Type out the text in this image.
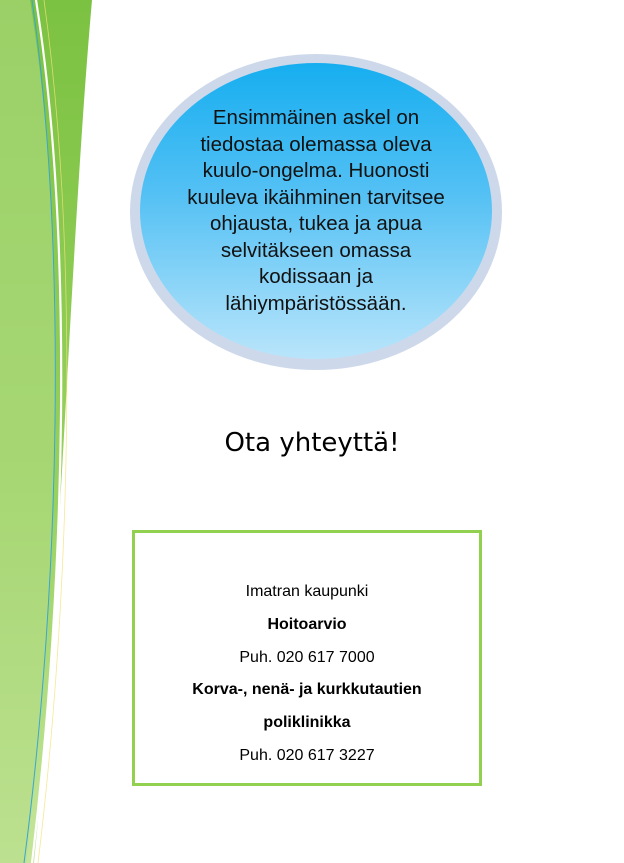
Ensimmäinen askel on tiedostaa olemassa oleva kuulo-ongelma. Huonosti kuuleva ikäihminen tarvitsee ohjausta, tukea ja apua selvitäkseen omassa kodissaan ja lähiympäristössään.

Ota yhteyttä!
Imatran kaupunki
Hoitoarvio
Puh. 020 617 7000
Korva-, nenä- ja kurkkutautien
poliklinikka
Puh. 020 617 3227
